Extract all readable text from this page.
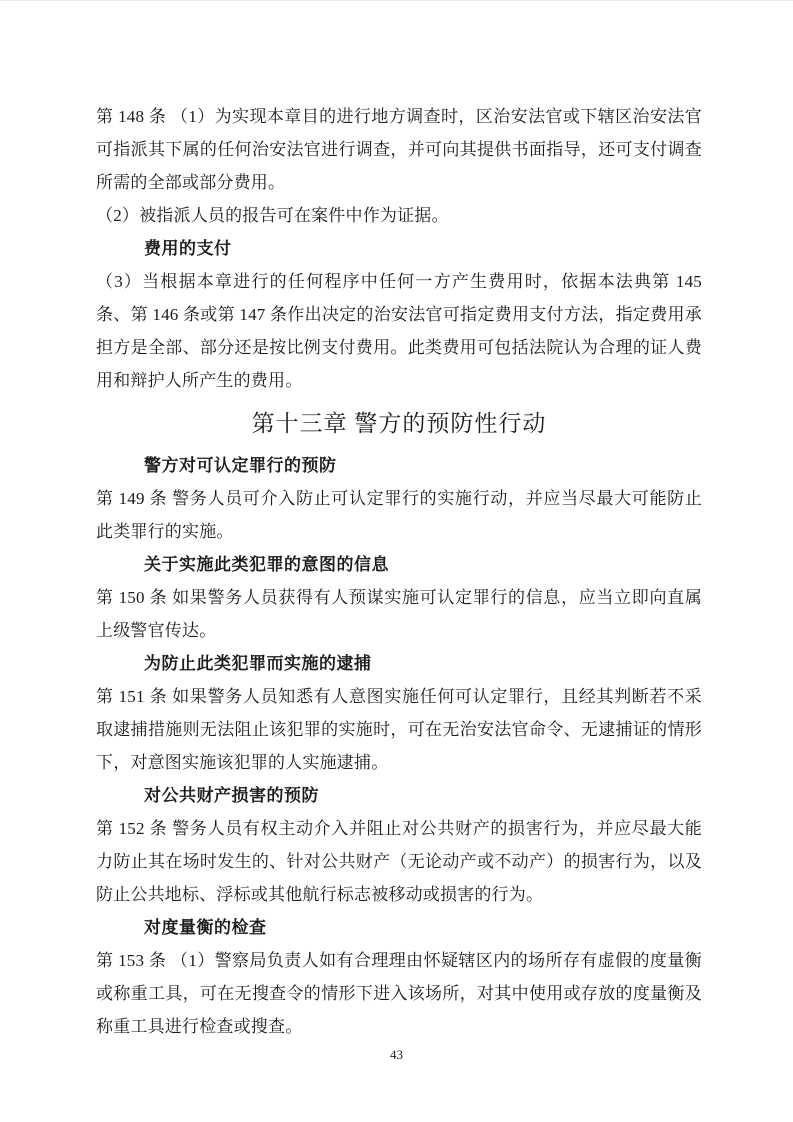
第 148 条 （1）为实现本章目的进行地方调查时，区治安法官或下辖区治安法官可指派其下属的任何治安法官进行调查，并可向其提供书面指导，还可支付调查所需的全部或部分费用。

（2）被指派人员的报告可在案件中作为证据。

费用的支付

（3）当根据本章进行的任何程序中任何一方产生费用时，依据本法典第 145 条、第 146 条或第 147 条作出决定的治安法官可指定费用支付方法，指定费用承担方是全部、部分还是按比例支付费用。此类费用可包括法院认为合理的证人费用和辩护人所产生的费用。

第十三章 警方的预防性行动

警方对可认定罪行的预防

第 149 条 警务人员可介入防止可认定罪行的实施行动，并应当尽最大可能防止此类罪行的实施。

关于实施此类犯罪的意图的信息

第 150 条 如果警务人员获得有人预谋实施可认定罪行的信息，应当立即向直属上级警官传达。

为防止此类犯罪而实施的逮捕

第 151 条 如果警务人员知悉有人意图实施任何可认定罪行，且经其判断若不采取逮捕措施则无法阻止该犯罪的实施时，可在无治安法官命令、无逮捕证的情形下，对意图实施该犯罪的人实施逮捕。

对公共财产损害的预防

第 152 条 警务人员有权主动介入并阻止对公共财产的损害行为，并应尽最大能力防止其在场时发生的、针对公共财产（无论动产或不动产）的损害行为，以及防止公共地标、浮标或其他航行标志被移动或损害的行为。

对度量衡的检查

第 153 条 （1）警察局负责人如有合理理由怀疑辖区内的场所存有虚假的度量衡或称重工具，可在无搜查令的情形下进入该场所，对其中使用或存放的度量衡及称重工具进行检查或搜查。

43
